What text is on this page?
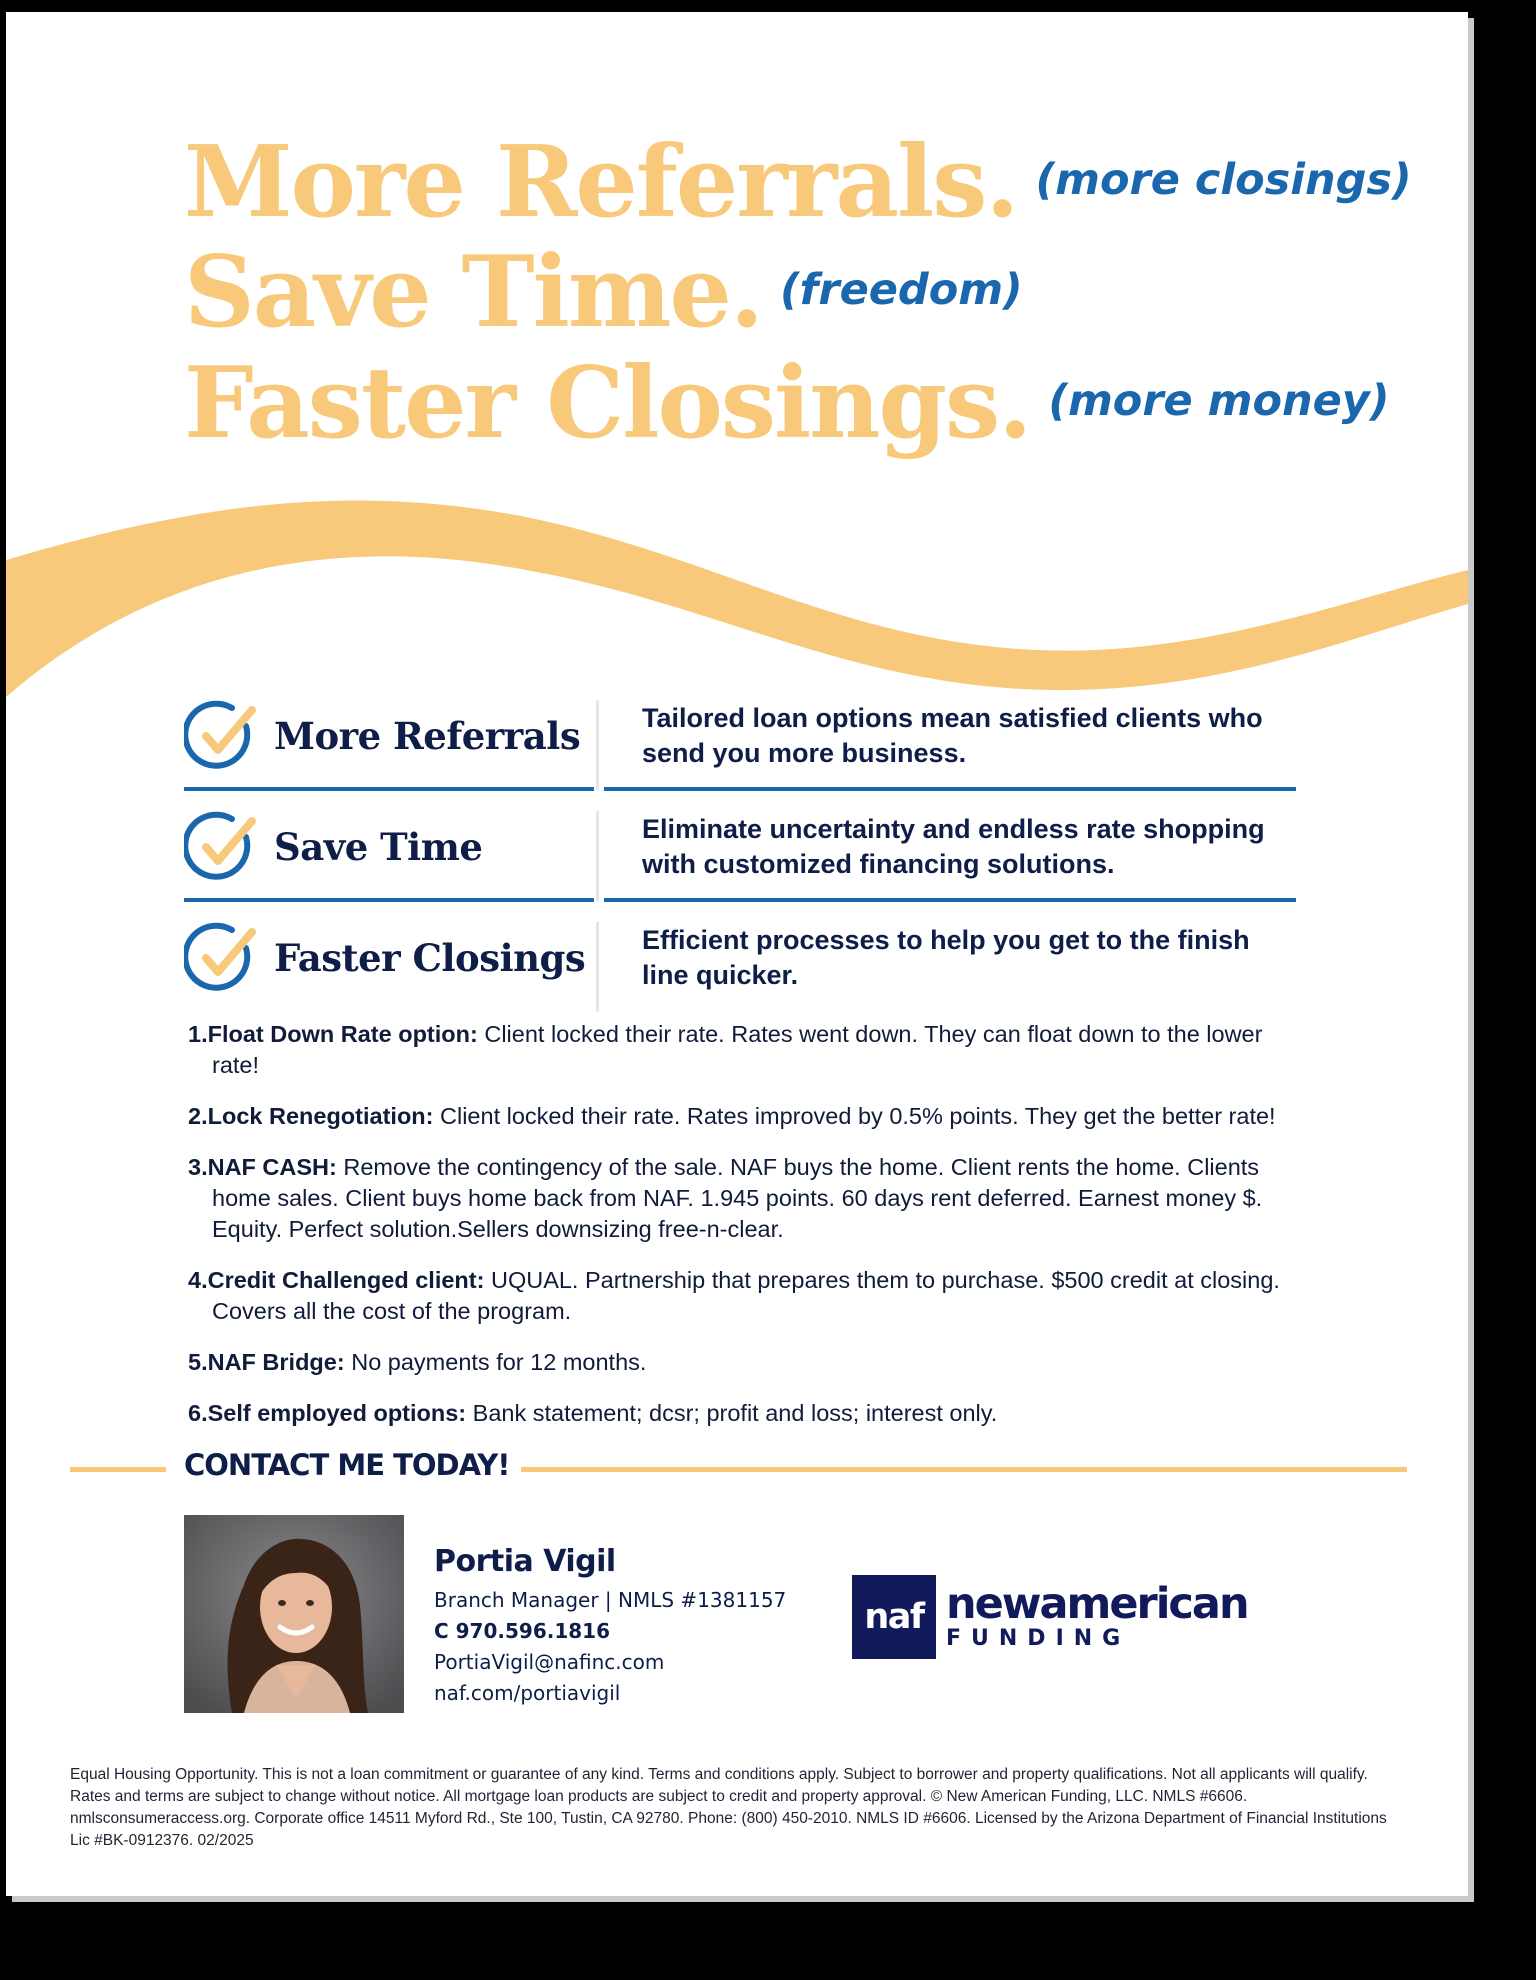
More Referrals. $^{(more closings)}$
Save Time. $^{(freedom)}$
Faster Closings. $^{(more money)}$
More Referrals Tailored loan options mean satisfied clients who send you more business.
Save Time	Eliminate uncertainty and endless rate shopping with customized financing solutions.
Faster Closings Efficient processes to help you get to the finish line quicker.
1.Float Down Rate option: Client locked their rate. Rates went down. They can float down to the lower rate!
2.Lock Renegotiation: Client locked their rate. Rates improved by 0.5% points. They get the better rate!
3.NAF CASH: Remove the contingency of the sale. NAF buys the home. Client rents the home. Clients home sales. Client buys home back from NAF. 1.945 points. 60 days rent deferred. Earnest money $. Equity. Perfect solution.Sellers downsizing free-n-clear.
4.Credit Challenged client: UQUAL. Partnership that prepares them to purchase. $500 credit at closing. Covers all the cost of the program.
5.NAF Bridge: No payments for 12 months.
6.Self employed options: Bank statement; dcsr; profit and loss; interest only.
CONTACT ME TODAY!
Portia Vigil
Branch Manager | NMLS #1381157
C 970.596.1816
PortiaVigil@nafinc.com
naf.com/portiavigil
naf newamerican
FUNDING
Equal Housing Opportunity. This is not a loan commitment or guarantee of any kind. Terms and conditions apply. Subject to borrower and property qualifications. Not all applicants will qualify. Rates and terms are subject to change without notice. All mortgage loan products are subject to credit and property approval. © New American Funding, LLC. NMLS #6606. nmlsconsumeraccess.org. Corporate office 14511 Myford Rd., Ste 100, Tustin, CA 92780. Phone: (800) 450-2010. NMLS ID #6606. Licensed by the Arizona Department of Financial Institutions Lic #BK-0912376. 02/2025
